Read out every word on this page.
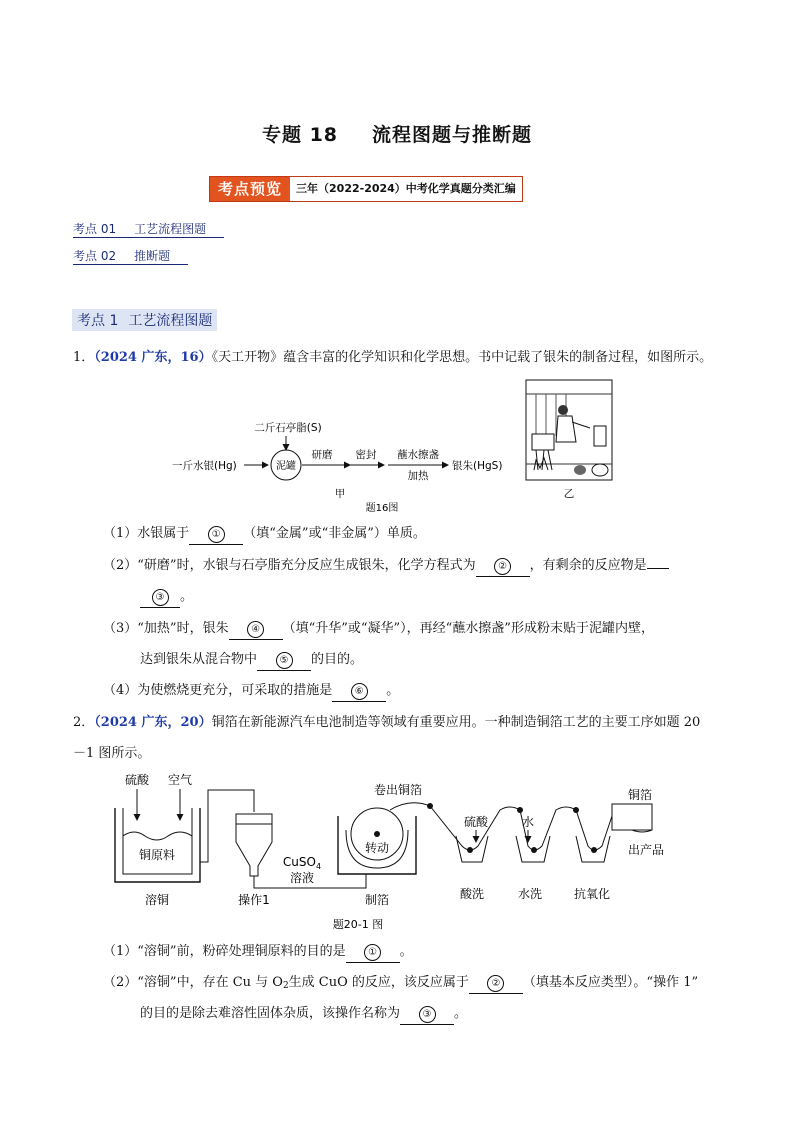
专题 18 流程图题与推断题
考点预览	三年（2022-2024）中考化学真题分类汇编
考点 01 工艺流程图题
考点 02 推断题
考点 1 工艺流程图题
1．（2024 广东，16）《天工开物》蕴含丰富的化学知识和化学思想。书中记载了银朱的制备过程，如图所示。
二斤石亭脂(S)
一斤水银(Hg)	泥罐
研磨 密封 蘸水擦盏
加热
银朱(HgS)
甲
题16图
乙
（1）水银属于 ① （填“金属”或“非金属”）单质。
（2）“研磨”时，水银与石亭脂充分反应生成银朱，化学方程式为 ② ，有剩余的反应物是
③ 。
（3）“加热”时，银朱 ④ （填“升华”或“凝华”），再经“蘸水擦盏”形成粉末贴于泥罐内壁，
达到银朱从混合物中 ⑤ 的目的。
（4）为使燃烧更充分，可采取的措施是 ⑥ 。
2．（2024 广东，20）铜箔在新能源汽车电池制造等领域有重要应用。一种制造铜箔工艺的主要工序如题 20
－1 图所示。
硫酸 空气
铜原料
溶铜	操作1
CuSO$_4$
溶液
卷出铜箔
转动
制箔
硫酸	水
酸洗	水洗	抗氧化
铜箔
出产品
题20-1 图
（1）“溶铜”前，粉碎处理铜原料的目的是 ① 。
（2）“溶铜”中，存在 Cu 与 $O_2$生成 CuO 的反应，该反应属于 ② （填基本反应类型）。“操作 1”
的目的是除去难溶性固体杂质，该操作名称为 ③ 。
